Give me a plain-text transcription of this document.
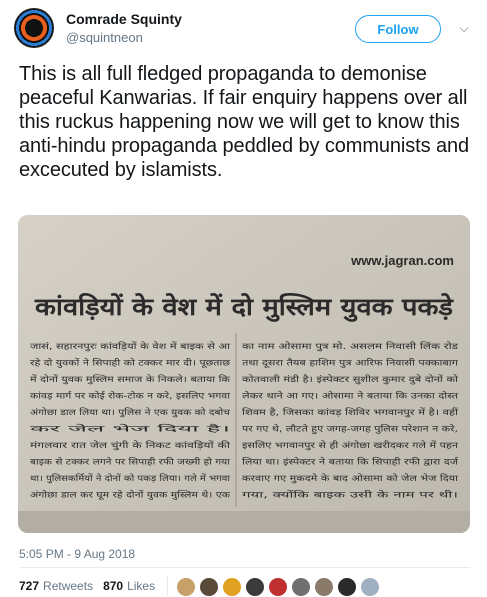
Comrade Squinty
@squintneon
Follow	⌵
This is all full fledged propaganda to demonise peaceful Kanwarias. If fair enquiry happens over all this ruckus happening now we will get to know this anti-hindu propaganda peddled by communists and excecuted by islamists.
www.jagran.com
कांवड़ियों के वेश में दो मुस्लिम युवक पकड़े
जासं, सहारनपुरः कांवड़ियों के वेश में बाइक से आ
रहे दो युवकों ने सिपाही को टक्कर मार दी। पूछताछ
में दोनों युवक मुस्लिम समाज के निकले। बताया कि
कांवड़ मार्ग पर कोई रोक-टोक न करे, इसलिए भगवा
अंगोछा डाल लिया था। पुलिस ने एक युवक को दबोच
कर जेल भेज दिया है।
मंगलवार रात जेल चुंगी के निकट कांवड़ियों की
बाइक से टक्कर लगने पर सिपाही रफी जख्मी हो गया
था। पुलिसकर्मियों ने दोनों को पकड़ लिया। गले में भगवा
अंगोछा डाल कर घूम रहे दोनों युवक मुस्लिम थे। एक
का नाम ओसामा पुत्र मो. असलम निवासी लिंक रोड
तथा दूसरा तैयब हाशिम पुत्र आरिफ निवासी पक्काबाग
कोतवाली मंडी है। इंस्पेक्टर सुशील कुमार दुबे दोनों को
लेकर थाने आ गए। ओसामा ने बताया कि उनका दोस्त
शिवम है, जिसका कांवड़ शिविर भगवानपुर में है। वहीं
पर गए थे, लौटते हुए जगह-जगह पुलिस परेशान न करे,
इसलिए भगवानपुर से ही अंगोछा खरीदकर गले में पहन
लिया था। इंस्पेक्टर ने बताया कि सिपाही रफी द्वारा दर्ज
करवाए गए मुकदमे के बाद ओसामा को जेल भेज दिया
गया, क्योंकि बाइक उसी के नाम पर थी।
5:05 PM - 9 Aug 2018
727 Retweets 870 Likes
